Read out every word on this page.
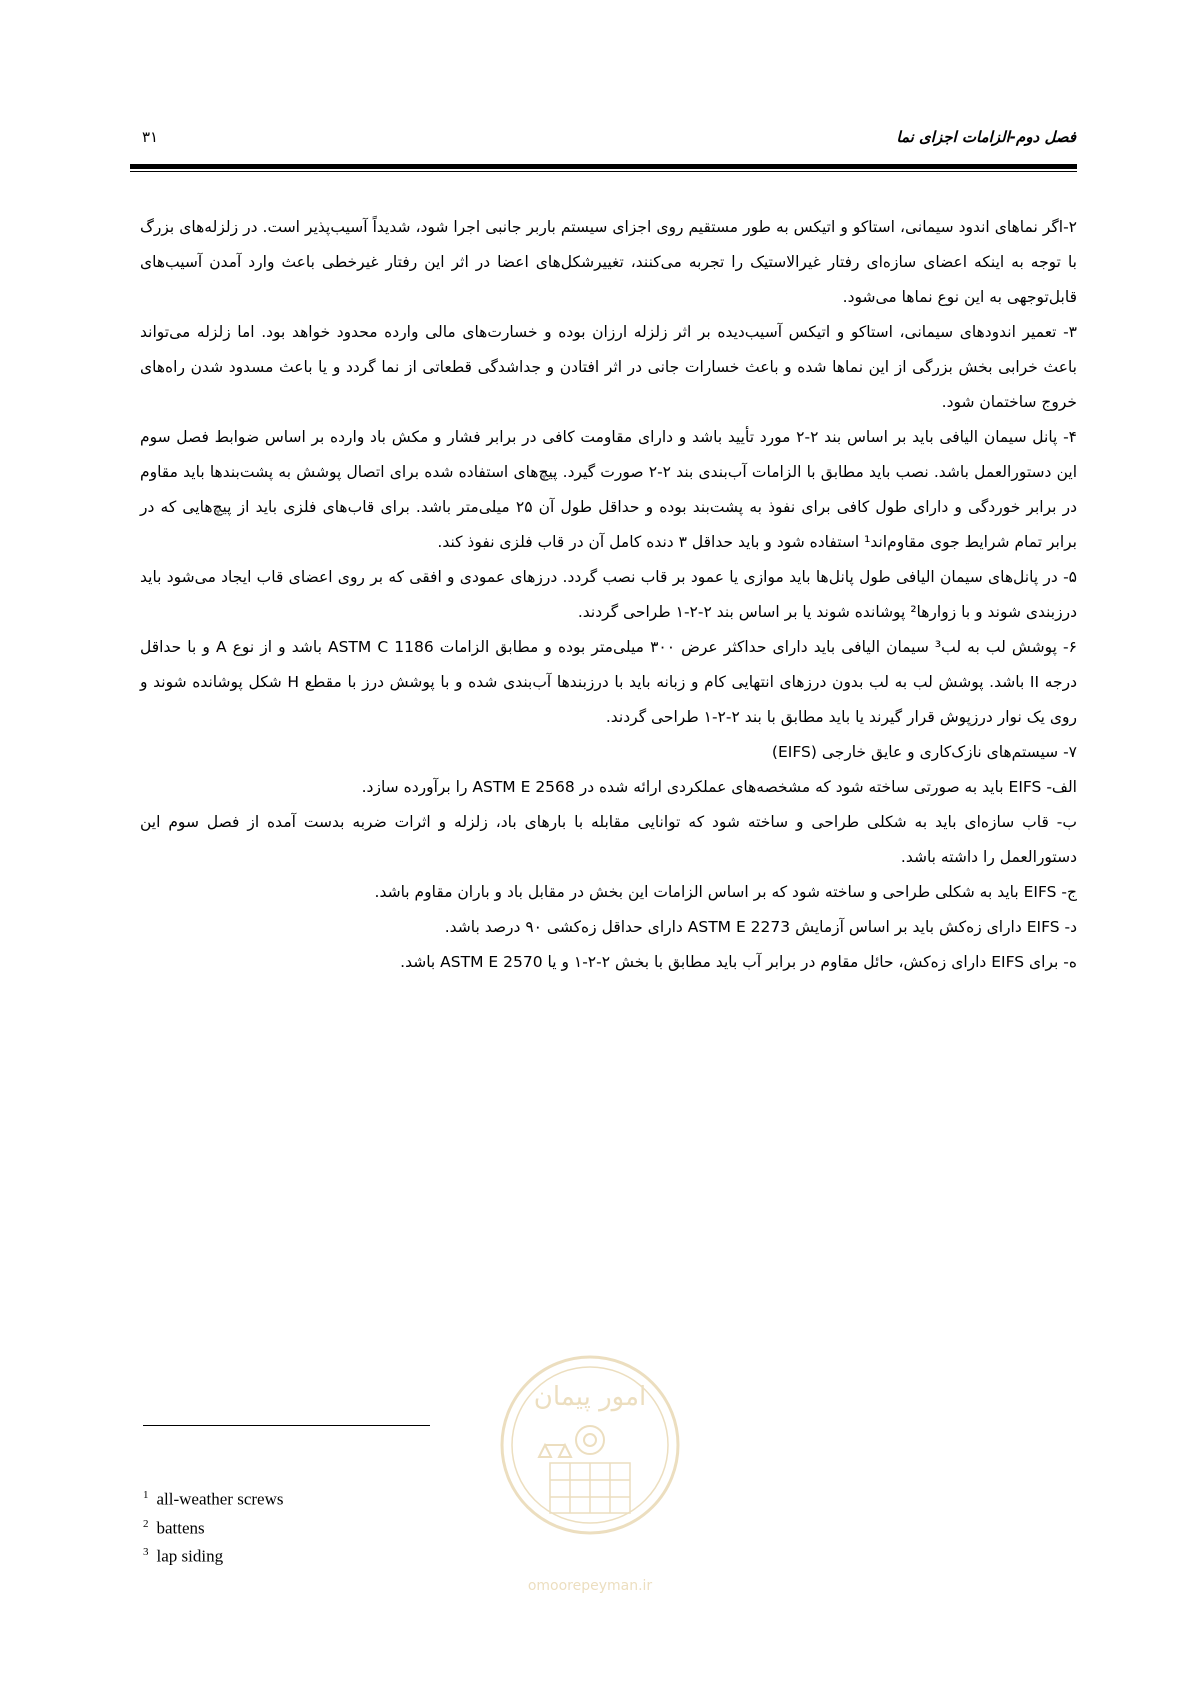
فصل دوم-الزامات اجزای نما
۳۱

۲-اگر نماهای اندود سیمانی، استاکو و اتیکس به طور مستقیم روی اجزای سیستم باربر جانبی اجرا شود، شدیداً آسیب‌پذیر است. در زلزله‌های بزرگ با توجه به اینکه اعضای سازه‌ای رفتار غیرالاستیک را تجربه می‌کنند، تغییرشکل‌های اعضا در اثر این رفتار غیرخطی باعث وارد آمدن آسیب‌های قابل‌توجهی به این نوع نماها می‌شود.

۳- تعمیر اندودهای سیمانی، استاکو و اتیکس آسیب‌دیده بر اثر زلزله ارزان بوده و خسارت‌های مالی وارده محدود خواهد بود. اما زلزله می‌تواند باعث خرابی بخش بزرگی از این نماها شده و باعث خسارات جانی در اثر افتادن و جداشدگی قطعاتی از نما گردد و یا باعث مسدود شدن راه‌های خروج ساختمان شود.

۴- پانل سیمان الیافی باید بر اساس بند ۲-۲ مورد تأیید باشد و دارای مقاومت کافی در برابر فشار و مکش باد وارده بر اساس ضوابط فصل سوم این دستورالعمل باشد. نصب باید مطابق با الزامات آب‌بندی بند ۲-۲ صورت گیرد. پیچ‌های استفاده شده برای اتصال پوشش به پشت‌بندها باید مقاوم در برابر خوردگی و دارای طول کافی برای نفوذ به پشت‌بند بوده و حداقل طول آن ۲۵ میلی‌متر باشد. برای قاب‌های فلزی باید از پیچ‌هایی که در برابر تمام شرایط جوی مقاوم‌اند¹ استفاده شود و باید حداقل ۳ دنده کامل آن در قاب فلزی نفوذ کند.

۵- در پانل‌های سیمان الیافی طول پانل‌ها باید موازی یا عمود بر قاب نصب گردد. درزهای عمودی و افقی که بر روی اعضای قاب ایجاد می‌شود باید درزبندی شوند و با زوارها² پوشانده شوند یا بر اساس بند ۲-۲-۱ طراحی گردند.

۶- پوشش لب به لب³ سیمان الیافی باید دارای حداکثر عرض ۳۰۰ میلی‌متر بوده و مطابق الزامات ASTM C 1186 باشد و از نوع A و با حداقل درجه II باشد. پوشش لب به لب بدون درزهای انتهایی کام و زبانه باید با درزبندها آب‌بندی شده و با پوشش درز با مقطع H شکل پوشانده شوند و روی یک نوار درزپوش قرار گیرند یا باید مطابق با بند ۲-۲-۱ طراحی گردند.

۷- سیستم‌های نازک‌کاری و عایق خارجی (EIFS)

الف- EIFS باید به صورتی ساخته شود که مشخصه‌های عملکردی ارائه شده در ASTM E 2568 را برآورده سازد.

ب- قاب سازه‌ای باید به شکلی طراحی و ساخته شود که توانایی مقابله با بارهای باد، زلزله و اثرات ضربه بدست آمده از فصل سوم این دستورالعمل را داشته باشد.

ج- EIFS باید به شکلی طراحی و ساخته شود که بر اساس الزامات این بخش در مقابل باد و باران مقاوم باشد.

د- EIFS دارای زه‌کش باید بر اساس آزمایش ASTM E 2273 دارای حداقل زه‌کشی ۹۰ درصد باشد.

ه- برای EIFS دارای زه‌کش، حائل مقاوم در برابر آب باید مطابق با بخش ۲-۲-۱ و یا ASTM E 2570 باشد.

امور پیمان
omoorepeyman.ir
$^1$ all-weather screws
$^2$ battens
$^3$ lap siding
